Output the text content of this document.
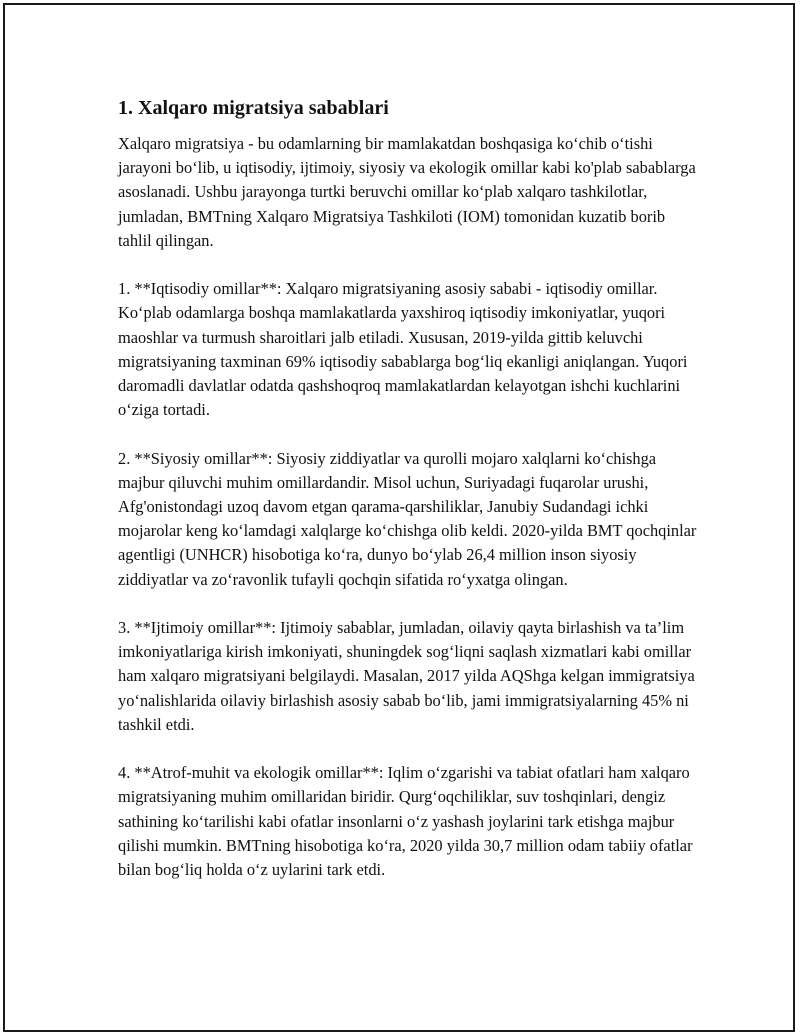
1. Xalqaro migratsiya sabablari

Xalqaro migratsiya - bu odamlarning bir mamlakatdan boshqasiga ko‘chib o‘tishi jarayoni bo‘lib, u iqtisodiy, ijtimoiy, siyosiy va ekologik omillar kabi ko'plab sabablarga asoslanadi. Ushbu jarayonga turtki beruvchi omillar ko‘plab xalqaro tashkilotlar, jumladan, BMTning Xalqaro Migratsiya Tashkiloti (IOM) tomonidan kuzatib borib tahlil qilingan.

1. **Iqtisodiy omillar**: Xalqaro migratsiyaning asosiy sababi - iqtisodiy omillar. Ko‘plab odamlarga boshqa mamlakatlarda yaxshiroq iqtisodiy imkoniyatlar, yuqori maoshlar va turmush sharoitlari jalb etiladi. Xususan, 2019-yilda gittib keluvchi migratsiyaning taxminan 69% iqtisodiy sabablarga bog‘liq ekanligi aniqlangan. Yuqori daromadli davlatlar odatda qashshoqroq mamlakatlardan kelayotgan ishchi kuchlarini o‘ziga tortadi.

2. **Siyosiy omillar**: Siyosiy ziddiyatlar va qurolli mojaro xalqlarni ko‘chishga majbur qiluvchi muhim omillardandir. Misol uchun, Suriyadagi fuqarolar urushi, Afg'onistondagi uzoq davom etgan qarama-qarshiliklar, Janubiy Sudandagi ichki mojarolar keng ko‘lamdagi xalqlarge ko‘chishga olib keldi. 2020-yilda BMT qochqinlar agentligi (UNHCR) hisobotiga ko‘ra, dunyo bo‘ylab 26,4 million inson siyosiy ziddiyatlar va zo‘ravonlik tufayli qochqin sifatida ro‘yxatga olingan.

3. **Ijtimoiy omillar**: Ijtimoiy sabablar, jumladan, oilaviy qayta birlashish va ta’lim imkoniyatlariga kirish imkoniyati, shuningdek sog‘liqni saqlash xizmatlari kabi omillar ham xalqaro migratsiyani belgilaydi. Masalan, 2017 yilda AQShga kelgan immigratsiya yo‘nalishlarida oilaviy birlashish asosiy sabab bo‘lib, jami immigratsiyalarning 45% ni tashkil etdi.

4. **Atrof-muhit va ekologik omillar**: Iqlim o‘zgarishi va tabiat ofatlari ham xalqaro migratsiyaning muhim omillaridan biridir. Qurg‘oqchiliklar, suv toshqinlari, dengiz sathining ko‘tarilishi kabi ofatlar insonlarni o‘z yashash joylarini tark etishga majbur qilishi mumkin. BMTning hisobotiga ko‘ra, 2020 yilda 30,7 million odam tabiiy ofatlar bilan bog‘liq holda o‘z uylarini tark etdi.
